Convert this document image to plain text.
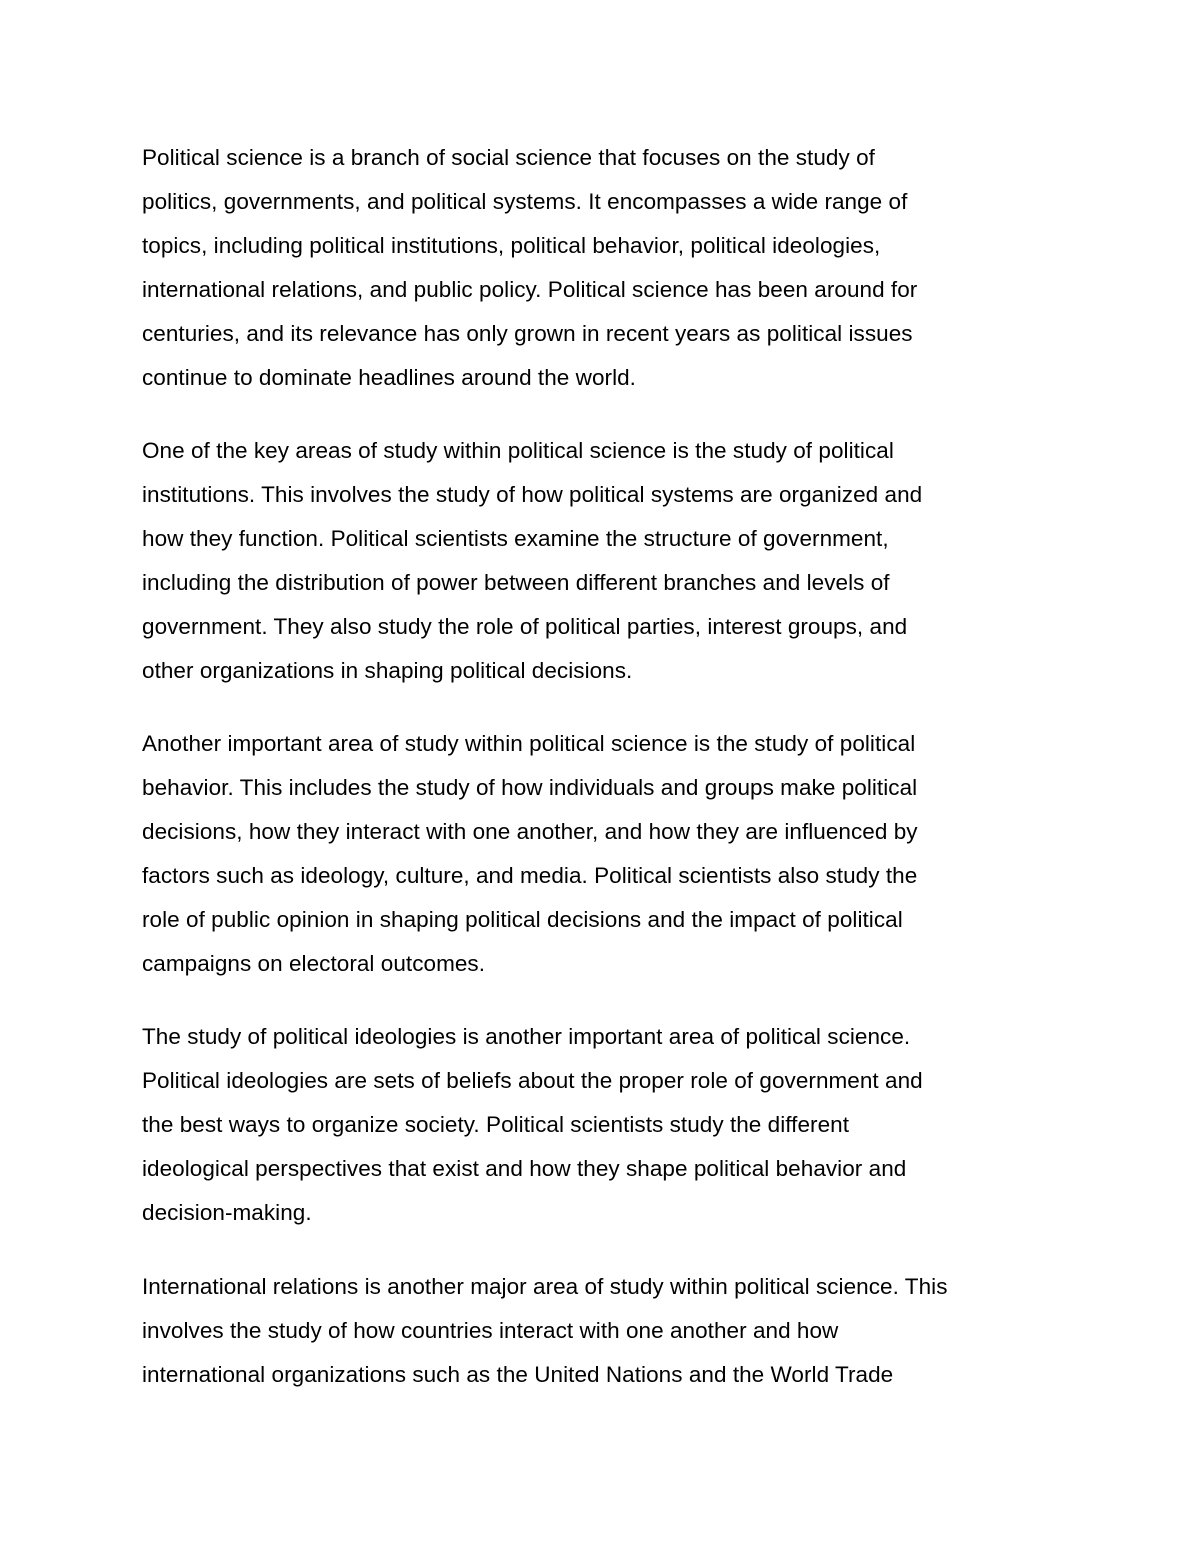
Political science is a branch of social science that focuses on the study of
politics, governments, and political systems. It encompasses a wide range of
topics, including political institutions, political behavior, political ideologies,
international relations, and public policy. Political science has been around for
centuries, and its relevance has only grown in recent years as political issues
continue to dominate headlines around the world.
One of the key areas of study within political science is the study of political
institutions. This involves the study of how political systems are organized and
how they function. Political scientists examine the structure of government,
including the distribution of power between different branches and levels of
government. They also study the role of political parties, interest groups, and
other organizations in shaping political decisions.
Another important area of study within political science is the study of political
behavior. This includes the study of how individuals and groups make political
decisions, how they interact with one another, and how they are influenced by
factors such as ideology, culture, and media. Political scientists also study the
role of public opinion in shaping political decisions and the impact of political
campaigns on electoral outcomes.
The study of political ideologies is another important area of political science.
Political ideologies are sets of beliefs about the proper role of government and
the best ways to organize society. Political scientists study the different
ideological perspectives that exist and how they shape political behavior and
decision-making.
International relations is another major area of study within political science. This
involves the study of how countries interact with one another and how
international organizations such as the United Nations and the World Trade
